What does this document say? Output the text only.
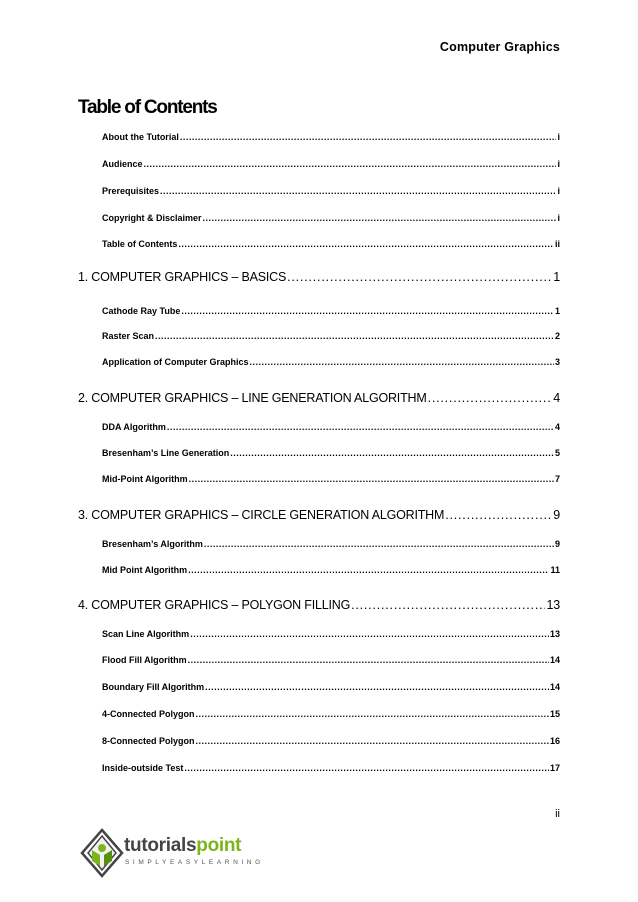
Computer Graphics
Table of Contents
About the Tutorial .....	i
Audience .....	i
Prerequisites .....	i
Copyright & Disclaimer .....	i
Table of Contents .....	ii
1. COMPUTER GRAPHICS – BASICS .....	1
Cathode Ray Tube .....	1
Raster Scan .....	2
Application of Computer Graphics .....	3
2. COMPUTER GRAPHICS – LINE GENERATION ALGORITHM .....	4
DDA Algorithm .....	4
Bresenham’s Line Generation .....	5
Mid-Point Algorithm .....	7
3. COMPUTER GRAPHICS – CIRCLE GENERATION ALGORITHM .....	9
Bresenham’s Algorithm .....	9
Mid Point Algorithm .....	11
4. COMPUTER GRAPHICS – POLYGON FILLING .....	13
Scan Line Algorithm .....	13
Flood Fill Algorithm .....	14
Boundary Fill Algorithm .....	14
4-Connected Polygon .....	15
8-Connected Polygon .....	16
Inside-outside Test .....	17
ii
tutorialspoint
SIMPLYEASYLEARNING
